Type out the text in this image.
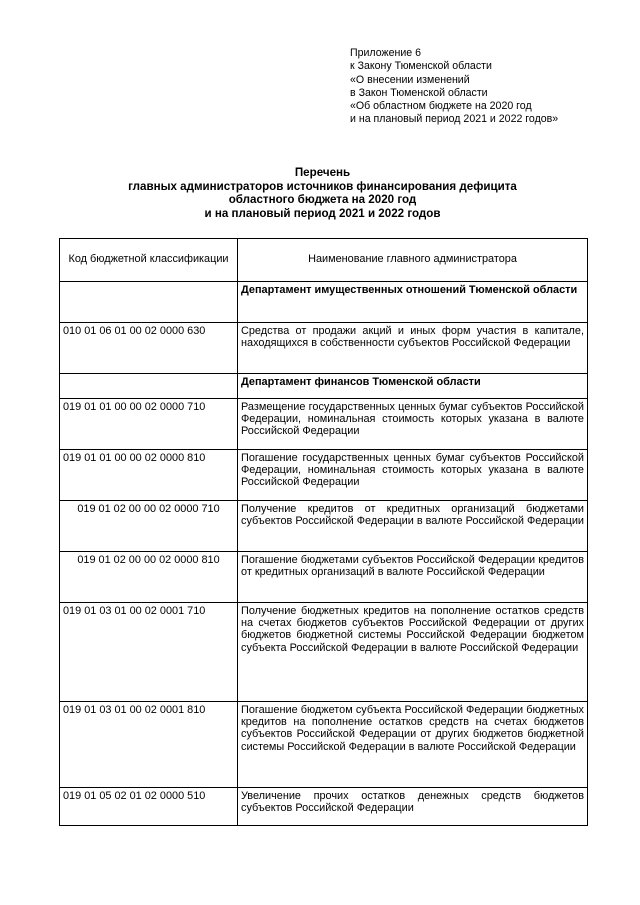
Приложение 6
к Закону Тюменской области
«О внесении изменений
в Закон Тюменской области
«Об областном бюджете на 2020 год
и на плановый период 2021 и 2022 годов»
Перечень
главных администраторов источников финансирования дефицита
областного бюджета на 2020 год
и на плановый период 2021 и 2022 годов
Код бюджетной классификации	Наименование главного администратора
	Департамент имущественных отношений Тюменской области
010 01 06 01 00 02 0000 630	Средства от продажи акций и иных форм участия в капитале, находящихся в собственности субъектов Российской Федерации
	Департамент финансов Тюменской области
019 01 01 00 00 02 0000 710	Размещение государственных ценных бумаг субъектов Российской Федерации, номинальная стоимость которых указана в валюте Российской Федерации
019 01 01 00 00 02 0000 810	Погашение государственных ценных бумаг субъектов Российской Федерации, номинальная стоимость которых указана в валюте Российской Федерации
019 01 02 00 00 02 0000 710	Получение кредитов от кредитных организаций бюджетами субъектов Российской Федерации в валюте Российской Федерации
019 01 02 00 00 02 0000 810	Погашение бюджетами субъектов Российской Федерации кредитов от кредитных организаций в валюте Российской Федерации
019 01 03 01 00 02 0001 710	Получение бюджетных кредитов на пополнение остатков средств на счетах бюджетов субъектов Российской Федерации от других бюджетов бюджетной системы Российской Федерации бюджетом субъекта Российской Федерации в валюте Российской Федерации
019 01 03 01 00 02 0001 810	Погашение бюджетом субъекта Российской Федерации бюджетных кредитов на пополнение остатков средств на счетах бюджетов субъектов Российской Федерации от других бюджетов бюджетной системы Российской Федерации в валюте Российской Федерации
019 01 05 02 01 02 0000 510	Увеличение прочих остатков денежных средств бюджетов субъектов Российской Федерации
